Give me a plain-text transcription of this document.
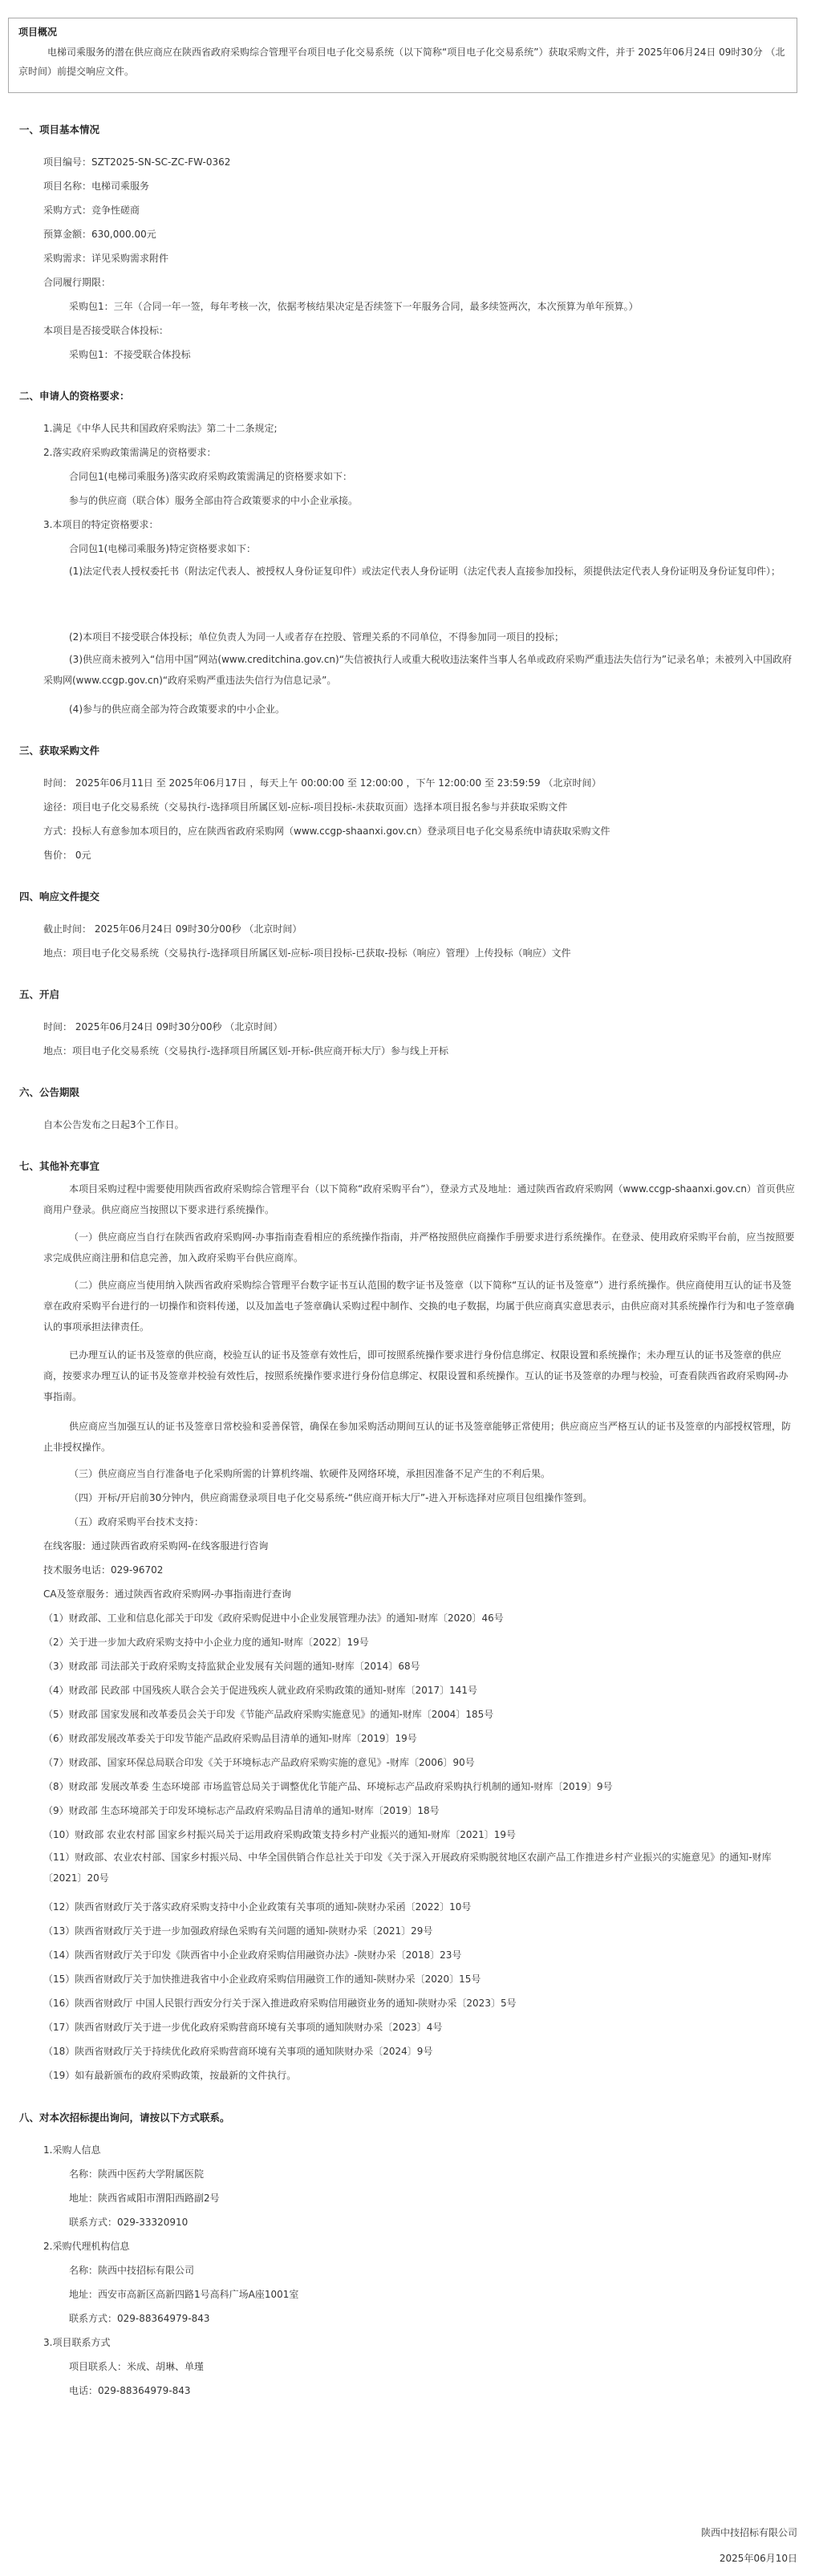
项目概况

电梯司乘服务的潜在供应商应在陕西省政府采购综合管理平台项目电子化交易系统（以下简称“项目电子化交易系统”）获取采购文件，并于 2025年06月24日 09时30分 （北京时间）前提交响应文件。

一、项目基本情况
项目编号：SZT2025-SN-SC-ZC-FW-0362
项目名称：电梯司乘服务
采购方式：竞争性磋商
预算金额：630,000.00元
采购需求：详见采购需求附件
合同履行期限：
采购包1：三年（合同一年一签，每年考核一次，依据考核结果决定是否续签下一年服务合同，最多续签两次，本次预算为单年预算。）
本项目是否接受联合体投标：
采购包1：不接受联合体投标
二、申请人的资格要求：
1.满足《中华人民共和国政府采购法》第二十二条规定;
2.落实政府采购政策需满足的资格要求：
合同包1(电梯司乘服务)落实政府采购政策需满足的资格要求如下：
参与的供应商（联合体）服务全部由符合政策要求的中小企业承接。
3.本项目的特定资格要求：
合同包1(电梯司乘服务)特定资格要求如下：
(1)法定代表人授权委托书（附法定代表人、被授权人身份证复印件）或法定代表人身份证明（法定代表人直接参加投标，须提供法定代表人身份证明及身份证复印件）；
(2)本项目不接受联合体投标；单位负责人为同一人或者存在控股、管理关系的不同单位，不得参加同一项目的投标；
(3)供应商未被列入“信用中国”网站(www.creditchina.gov.cn)“失信被执行人或重大税收违法案件当事人名单或政府采购严重违法失信行为”记录名单；未被列入中国政府采购网(www.ccgp.gov.cn)“政府采购严重违法失信行为信息记录”。
(4)参与的供应商全部为符合政策要求的中小企业。
三、获取采购文件
时间： 2025年06月11日 至 2025年06月17日 ，每天上午 00:00:00 至 12:00:00 ，下午 12:00:00 至 23:59:59 （北京时间）
途径：项目电子化交易系统（交易执行-选择项目所属区划-应标-项目投标-未获取页面）选择本项目报名参与并获取采购文件
方式：投标人有意参加本项目的，应在陕西省政府采购网（www.ccgp-shaanxi.gov.cn）登录项目电子化交易系统申请获取采购文件
售价： 0元
四、响应文件提交
截止时间： 2025年06月24日 09时30分00秒 （北京时间）
地点：项目电子化交易系统（交易执行-选择项目所属区划-应标-项目投标-已获取-投标（响应）管理）上传投标（响应）文件
五、开启
时间： 2025年06月24日 09时30分00秒 （北京时间）
地点：项目电子化交易系统（交易执行-选择项目所属区划-开标-供应商开标大厅）参与线上开标
六、公告期限
自本公告发布之日起3个工作日。
七、其他补充事宜
本项目采购过程中需要使用陕西省政府采购综合管理平台（以下简称“政府采购平台”），登录方式及地址：通过陕西省政府采购网（www.ccgp-shaanxi.gov.cn）首页供应商用户登录。供应商应当按照以下要求进行系统操作。
（一）供应商应当自行在陕西省政府采购网-办事指南查看相应的系统操作指南，并严格按照供应商操作手册要求进行系统操作。在登录、使用政府采购平台前，应当按照要求完成供应商注册和信息完善，加入政府采购平台供应商库。
（二）供应商应当使用纳入陕西省政府采购综合管理平台数字证书互认范围的数字证书及签章（以下简称“互认的证书及签章”）进行系统操作。供应商使用互认的证书及签章在政府采购平台进行的一切操作和资料传递，以及加盖电子签章确认采购过程中制作、交换的电子数据，均属于供应商真实意思表示，由供应商对其系统操作行为和电子签章确认的事项承担法律责任。
已办理互认的证书及签章的供应商，校验互认的证书及签章有效性后，即可按照系统操作要求进行身份信息绑定、权限设置和系统操作；未办理互认的证书及签章的供应商，按要求办理互认的证书及签章并校验有效性后，按照系统操作要求进行身份信息绑定、权限设置和系统操作。互认的证书及签章的办理与校验，可查看陕西省政府采购网-办事指南。
供应商应当加强互认的证书及签章日常校验和妥善保管，确保在参加采购活动期间互认的证书及签章能够正常使用；供应商应当严格互认的证书及签章的内部授权管理，防止非授权操作。
（三）供应商应当自行准备电子化采购所需的计算机终端、软硬件及网络环境，承担因准备不足产生的不利后果。
（四）开标/开启前30分钟内，供应商需登录项目电子化交易系统-“供应商开标大厅”-进入开标选择对应项目包组操作签到。
（五）政府采购平台技术支持：
在线客服：通过陕西省政府采购网-在线客服进行咨询
技术服务电话：029-96702
CA及签章服务：通过陕西省政府采购网-办事指南进行查询
（1）财政部、工业和信息化部关于印发《政府采购促进中小企业发展管理办法》的通知-财库〔2020〕46号
（2）关于进一步加大政府采购支持中小企业力度的通知-财库〔2022〕19号
（3）财政部 司法部关于政府采购支持监狱企业发展有关问题的通知-财库〔2014〕68号
（4）财政部 民政部 中国残疾人联合会关于促进残疾人就业政府采购政策的通知-财库〔2017〕141号
（5）财政部 国家发展和改革委员会关于印发《节能产品政府采购实施意见》的通知-财库〔2004〕185号
（6）财政部发展改革委关于印发节能产品政府采购品目清单的通知-财库〔2019〕19号
（7）财政部、国家环保总局联合印发《关于环境标志产品政府采购实施的意见》-财库〔2006〕90号
（8）财政部 发展改革委 生态环境部 市场监管总局关于调整优化节能产品、环境标志产品政府采购执行机制的通知-财库〔2019〕9号
（9）财政部 生态环境部关于印发环境标志产品政府采购品目清单的通知-财库〔2019〕18号
（10）财政部 农业农村部 国家乡村振兴局关于运用政府采购政策支持乡村产业振兴的通知-财库〔2021〕19号
（11）财政部、农业农村部、国家乡村振兴局、中华全国供销合作总社关于印发《关于深入开展政府采购脱贫地区农副产品工作推进乡村产业振兴的实施意见》的通知-财库〔2021〕20号
（12）陕西省财政厅关于落实政府采购支持中小企业政策有关事项的通知-陕财办采函〔2022〕10号
（13）陕西省财政厅关于进一步加强政府绿色采购有关问题的通知-陕财办采〔2021〕29号
（14）陕西省财政厅关于印发《陕西省中小企业政府采购信用融资办法》-陕财办采〔2018〕23号
（15）陕西省财政厅关于加快推进我省中小企业政府采购信用融资工作的通知-陕财办采〔2020〕15号
（16）陕西省财政厅 中国人民银行西安分行关于深入推进政府采购信用融资业务的通知-陕财办采〔2023〕5号
（17）陕西省财政厅关于进一步优化政府采购营商环境有关事项的通知陕财办采〔2023〕4号
（18）陕西省财政厅关于持续优化政府采购营商环境有关事项的通知陕财办采〔2024〕9号
（19）如有最新颁布的政府采购政策，按最新的文件执行。
八、对本次招标提出询问，请按以下方式联系。
1.采购人信息
名称：陕西中医药大学附属医院
地址：陕西省咸阳市渭阳西路副2号
联系方式：029-33320910
2.采购代理机构信息
名称：陕西中技招标有限公司
地址：西安市高新区高新四路1号高科广场A座1001室
联系方式：029-88364979-843
3.项目联系方式
项目联系人：米成、胡琳、单瑾
电话：029-88364979-843
陕西中技招标有限公司
2025年06月10日
